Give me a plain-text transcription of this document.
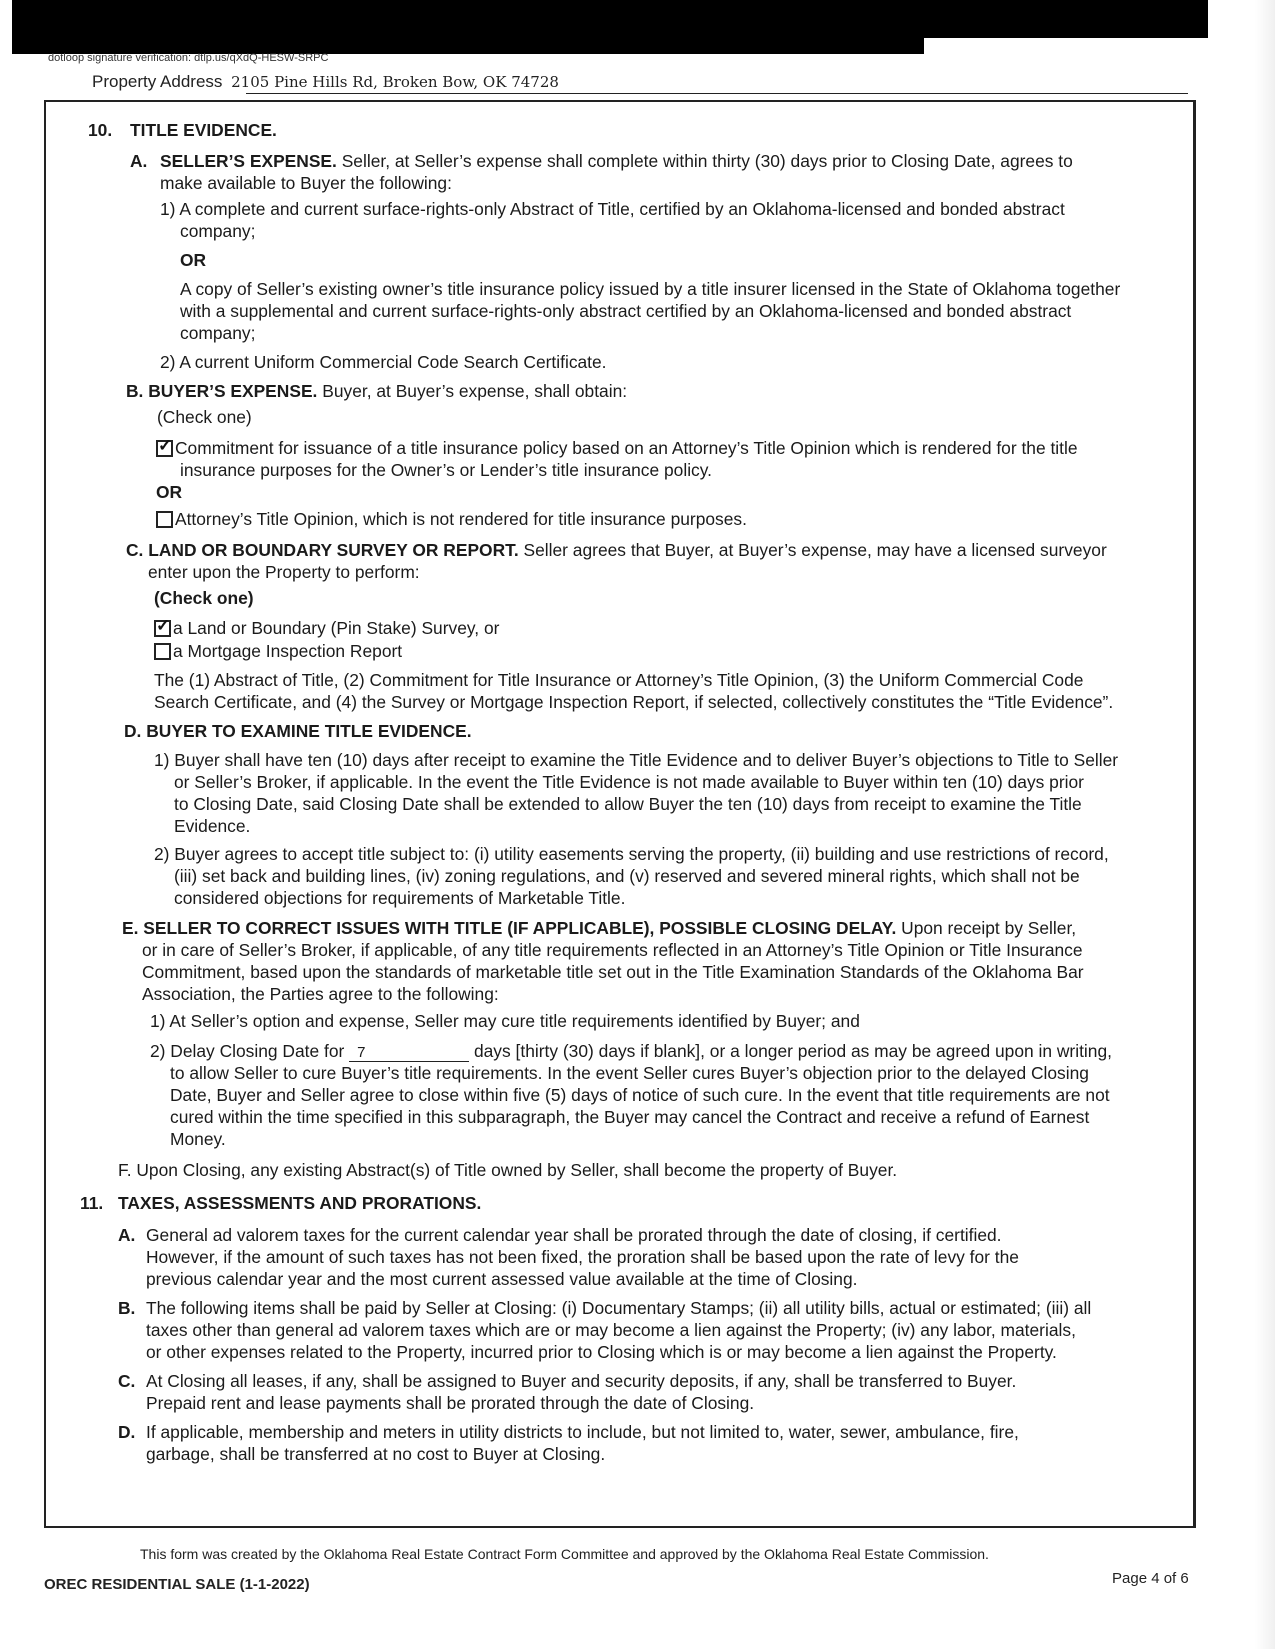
dotloop signature verification: dtlp.us/qXdQ-HESW-SRPC
Property Address 2105 Pine Hills Rd, Broken Bow, OK 74728
10. TITLE EVIDENCE.
A. SELLER’S EXPENSE. Seller, at Seller’s expense shall complete within thirty (30) days prior to Closing Date, agrees to
make available to Buyer the following:
1) A complete and current surface-rights-only Abstract of Title, certified by an Oklahoma-licensed and bonded abstract
company;
OR
A copy of Seller’s existing owner’s title insurance policy issued by a title insurer licensed in the State of Oklahoma together
with a supplemental and current surface-rights-only abstract certified by an Oklahoma-licensed and bonded abstract
company;
2) A current Uniform Commercial Code Search Certificate.
B. BUYER’S EXPENSE. Buyer, at Buyer’s expense, shall obtain:
(Check one)
✓ Commitment for issuance of a title insurance policy based on an Attorney’s Title Opinion which is rendered for the title
insurance purposes for the Owner’s or Lender’s title insurance policy.
OR
Attorney’s Title Opinion, which is not rendered for title insurance purposes.
C. LAND OR BOUNDARY SURVEY OR REPORT. Seller agrees that Buyer, at Buyer’s expense, may have a licensed surveyor
enter upon the Property to perform:
(Check one)
✓ a Land or Boundary (Pin Stake) Survey, or
a Mortgage Inspection Report
The (1) Abstract of Title, (2) Commitment for Title Insurance or Attorney’s Title Opinion, (3) the Uniform Commercial Code
Search Certificate, and (4) the Survey or Mortgage Inspection Report, if selected, collectively constitutes the “Title Evidence”.
D. BUYER TO EXAMINE TITLE EVIDENCE.
1) Buyer shall have ten (10) days after receipt to examine the Title Evidence and to deliver Buyer’s objections to Title to Seller
or Seller’s Broker, if applicable. In the event the Title Evidence is not made available to Buyer within ten (10) days prior
to Closing Date, said Closing Date shall be extended to allow Buyer the ten (10) days from receipt to examine the Title
Evidence.
2) Buyer agrees to accept title subject to: (i) utility easements serving the property, (ii) building and use restrictions of record,
(iii) set back and building lines, (iv) zoning regulations, and (v) reserved and severed mineral rights, which shall not be
considered objections for requirements of Marketable Title.
E. SELLER TO CORRECT ISSUES WITH TITLE (IF APPLICABLE), POSSIBLE CLOSING DELAY. Upon receipt by Seller,
or in care of Seller’s Broker, if applicable, of any title requirements reflected in an Attorney’s Title Opinion or Title Insurance
Commitment, based upon the standards of marketable title set out in the Title Examination Standards of the Oklahoma Bar
Association, the Parties agree to the following:
1) At Seller’s option and expense, Seller may cure title requirements identified by Buyer; and
2) Delay Closing Date for 7	days [thirty (30) days if blank], or a longer period as may be agreed upon in writing,
to allow Seller to cure Buyer’s title requirements. In the event Seller cures Buyer’s objection prior to the delayed Closing
Date, Buyer and Seller agree to close within five (5) days of notice of such cure. In the event that title requirements are not
cured within the time specified in this subparagraph, the Buyer may cancel the Contract and receive a refund of Earnest
Money.
F. Upon Closing, any existing Abstract(s) of Title owned by Seller, shall become the property of Buyer.
11. TAXES, ASSESSMENTS AND PRORATIONS.
A. General ad valorem taxes for the current calendar year shall be prorated through the date of closing, if certified.
However, if the amount of such taxes has not been fixed, the proration shall be based upon the rate of levy for the
previous calendar year and the most current assessed value available at the time of Closing.
B. The following items shall be paid by Seller at Closing: (i) Documentary Stamps; (ii) all utility bills, actual or estimated; (iii) all
taxes other than general ad valorem taxes which are or may become a lien against the Property; (iv) any labor, materials,
or other expenses related to the Property, incurred prior to Closing which is or may become a lien against the Property.
C. At Closing all leases, if any, shall be assigned to Buyer and security deposits, if any, shall be transferred to Buyer.
Prepaid rent and lease payments shall be prorated through the date of Closing.
D. If applicable, membership and meters in utility districts to include, but not limited to, water, sewer, ambulance, fire,
garbage, shall be transferred at no cost to Buyer at Closing.
This form was created by the Oklahoma Real Estate Contract Form Committee and approved by the Oklahoma Real Estate Commission.
OREC RESIDENTIAL SALE (1-1-2022)	Page 4 of 6
